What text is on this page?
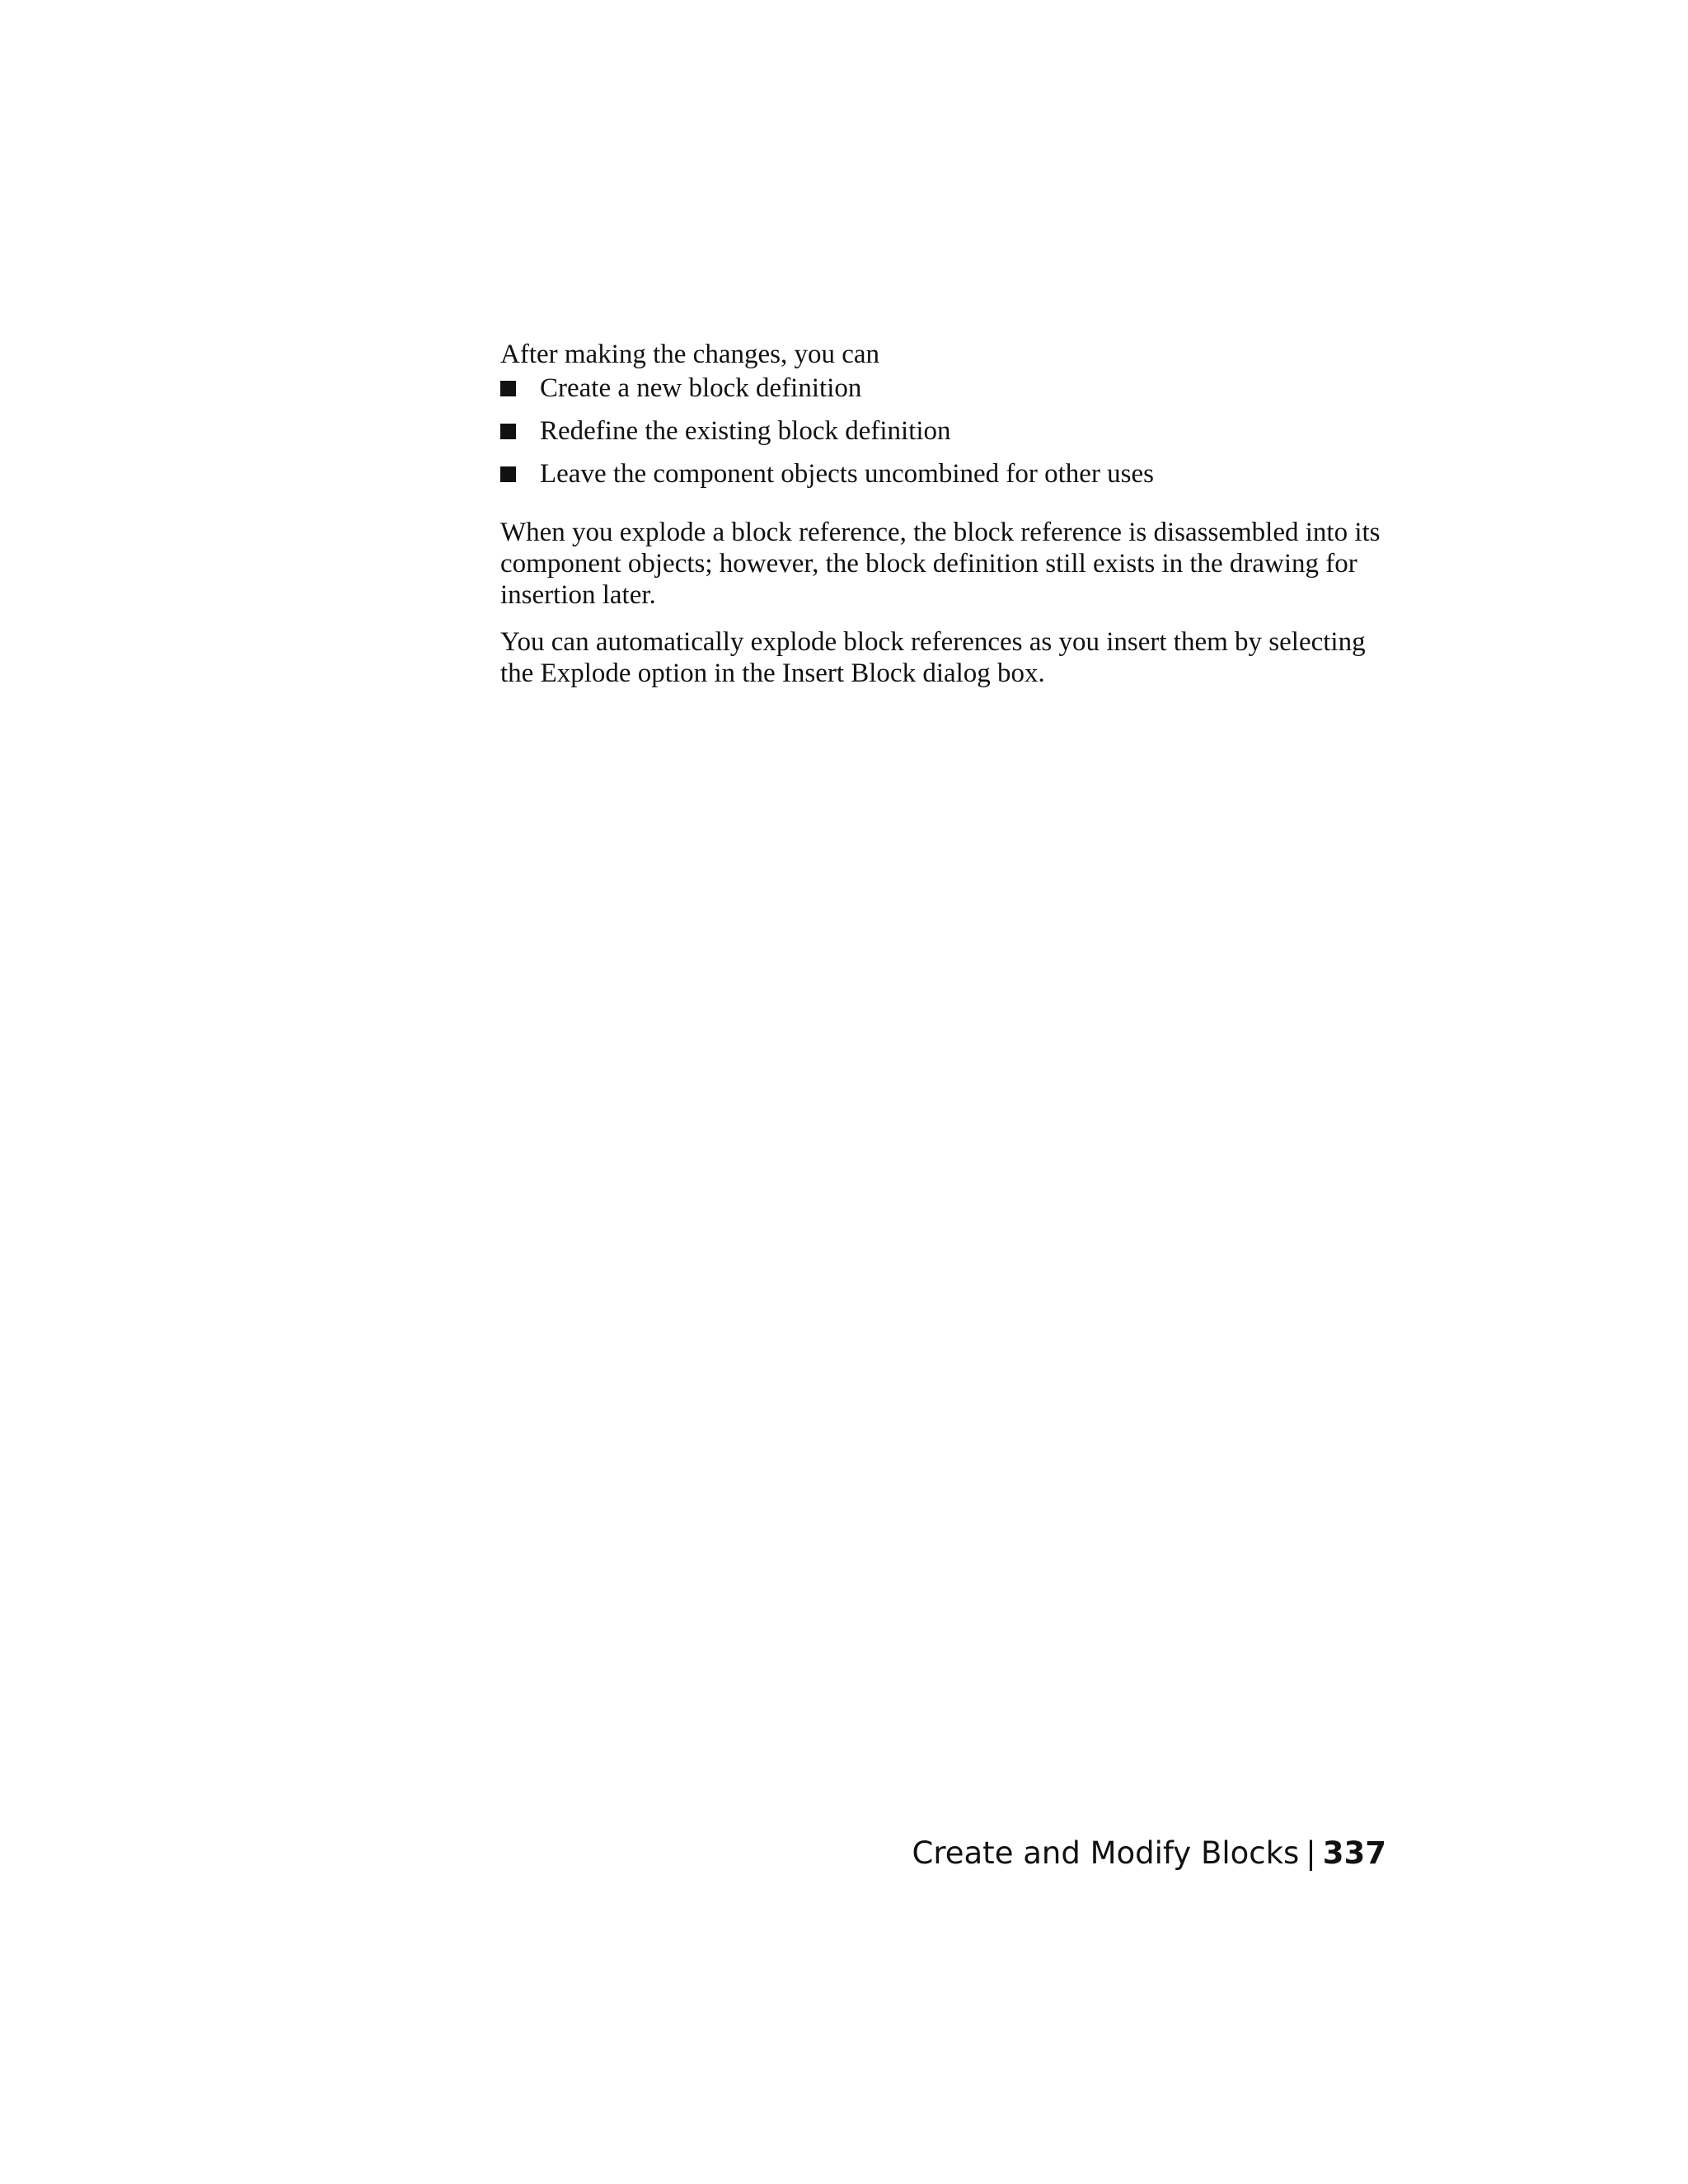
After making the changes, you can

Create a new block definition
Redefine the existing block definition
Leave the component objects uncombined for other uses

When you explode a block reference, the block reference is disassembled into its component objects; however, the block definition still exists in the drawing for insertion later.

You can automatically explode block references as you insert them by selecting the Explode option in the Insert Block dialog box.

Create and Modify Blocks | 337
